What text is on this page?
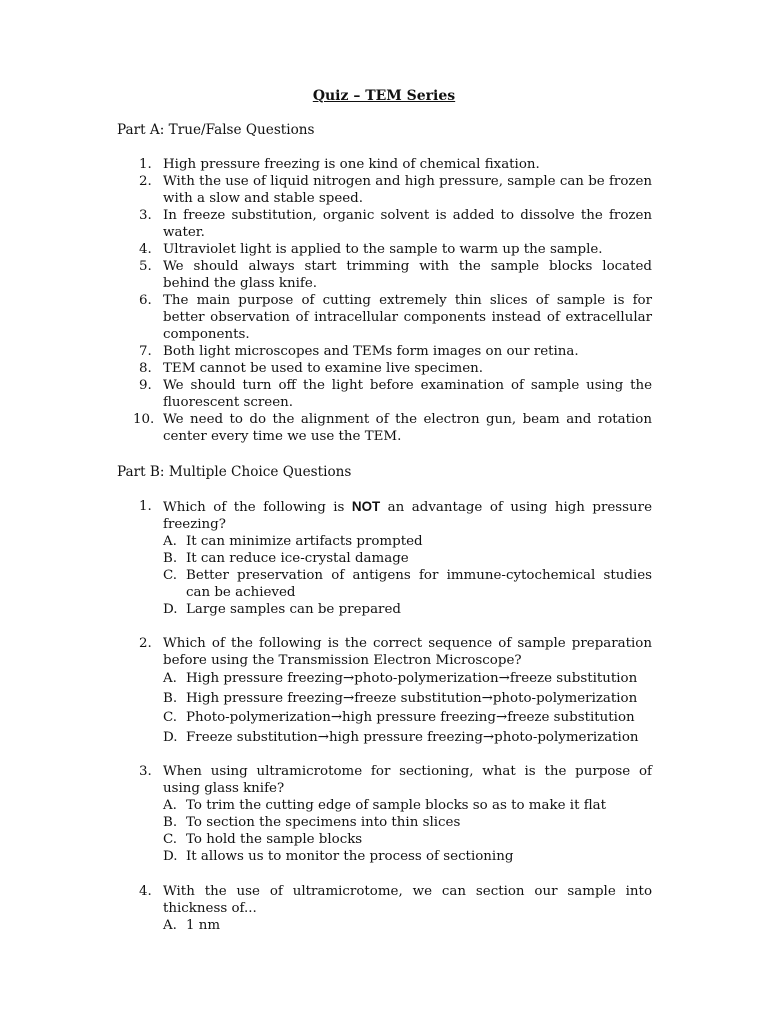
Quiz – TEM Series
Part A: True/False Questions
1. High pressure freezing is one kind of chemical fixation.
2. With the use of liquid nitrogen and high pressure, sample can be frozen with a slow and stable speed.
3. In freeze substitution, organic solvent is added to dissolve the frozen water.
4. Ultraviolet light is applied to the sample to warm up the sample.
5. We should always start trimming with the sample blocks located behind the glass knife.
6. The main purpose of cutting extremely thin slices of sample is for better observation of intracellular components instead of extracellular components.
7. Both light microscopes and TEMs form images on our retina.
8. TEM cannot be used to examine live specimen.
9. We should turn off the light before examination of sample using the fluorescent screen.
10. We need to do the alignment of the electron gun, beam and rotation center every time we use the TEM.
Part B: Multiple Choice Questions
1. Which of the following is NOT an advantage of using high pressure freezing?
A. It can minimize artifacts prompted
B. It can reduce ice-crystal damage
C. Better preservation of antigens for immune-cytochemical studies can be achieved
D. Large samples can be prepared
2. Which of the following is the correct sequence of sample preparation before using the Transmission Electron Microscope?
A. High pressure freezing→photo-polymerization→freeze substitution
B. High pressure freezing→freeze substitution→photo-polymerization
C. Photo-polymerization→high pressure freezing→freeze substitution
D. Freeze substitution→high pressure freezing→photo-polymerization
3. When using ultramicrotome for sectioning, what is the purpose of using glass knife?
A. To trim the cutting edge of sample blocks so as to make it flat
B. To section the specimens into thin slices
C. To hold the sample blocks
D. It allows us to monitor the process of sectioning
4. With the use of ultramicrotome, we can section our sample into thickness of...
A. 1 nm
